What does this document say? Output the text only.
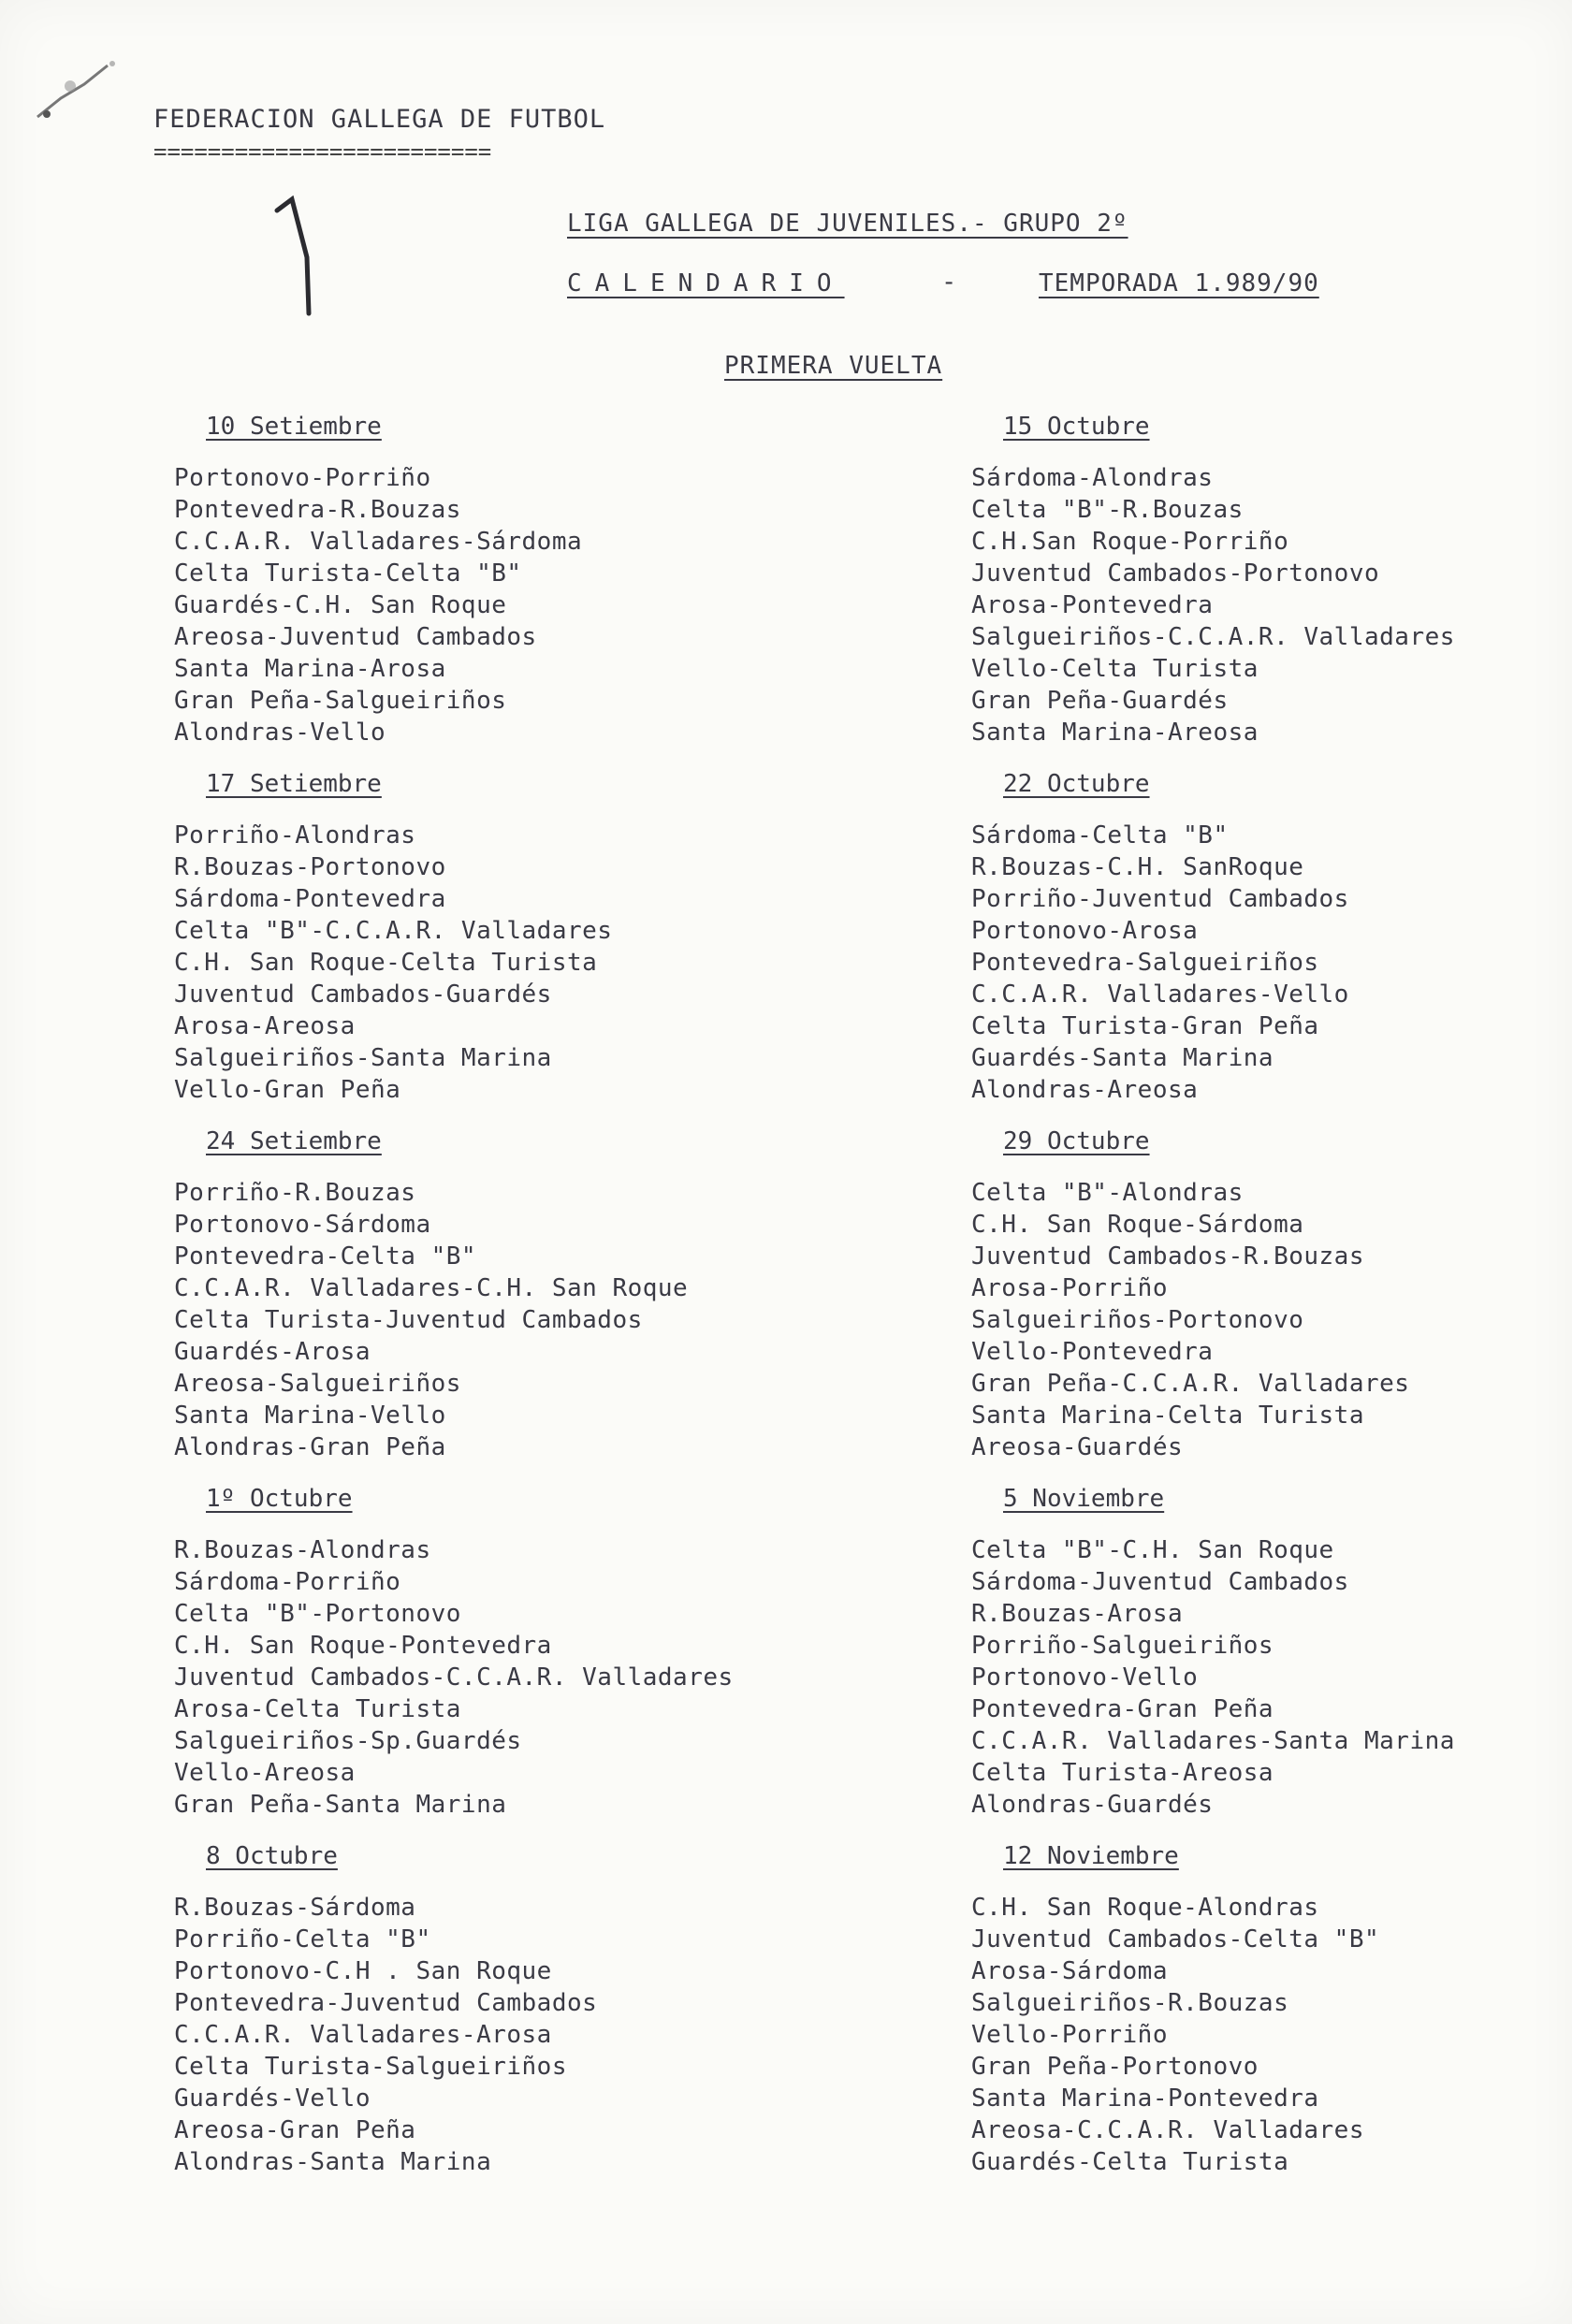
FEDERACION GALLEGA DE FUTBOL
=========================
LIGA GALLEGA DE JUVENILES.- GRUPO 2º
CALENDARIO	-	TEMPORADA 1.989/90
PRIMERA VUELTA
10 Setiembre
Portonovo-Porriño
Pontevedra-R.Bouzas
C.C.A.R. Valladares-Sárdoma
Celta Turista-Celta "B"
Guardés-C.H. San Roque
Areosa-Juventud Cambados
Santa Marina-Arosa
Gran Peña-Salgueiriños
Alondras-Vello
17 Setiembre
Porriño-Alondras
R.Bouzas-Portonovo
Sárdoma-Pontevedra
Celta "B"-C.C.A.R. Valladares
C.H. San Roque-Celta Turista
Juventud Cambados-Guardés
Arosa-Areosa
Salgueiriños-Santa Marina
Vello-Gran Peña
24 Setiembre
Porriño-R.Bouzas
Portonovo-Sárdoma
Pontevedra-Celta "B"
C.C.A.R. Valladares-C.H. San Roque
Celta Turista-Juventud Cambados
Guardés-Arosa
Areosa-Salgueiriños
Santa Marina-Vello
Alondras-Gran Peña
1º Octubre
R.Bouzas-Alondras
Sárdoma-Porriño
Celta "B"-Portonovo
C.H. San Roque-Pontevedra
Juventud Cambados-C.C.A.R. Valladares
Arosa-Celta Turista
Salgueiriños-Sp.Guardés
Vello-Areosa
Gran Peña-Santa Marina
8 Octubre
R.Bouzas-Sárdoma
Porriño-Celta "B"
Portonovo-C.H . San Roque
Pontevedra-Juventud Cambados
C.C.A.R. Valladares-Arosa
Celta Turista-Salgueiriños
Guardés-Vello
Areosa-Gran Peña
Alondras-Santa Marina
15 Octubre
Sárdoma-Alondras
Celta "B"-R.Bouzas
C.H.San Roque-Porriño
Juventud Cambados-Portonovo
Arosa-Pontevedra
Salgueiriños-C.C.A.R. Valladares
Vello-Celta Turista
Gran Peña-Guardés
Santa Marina-Areosa
22 Octubre
Sárdoma-Celta "B"
R.Bouzas-C.H. SanRoque
Porriño-Juventud Cambados
Portonovo-Arosa
Pontevedra-Salgueiriños
C.C.A.R. Valladares-Vello
Celta Turista-Gran Peña
Guardés-Santa Marina
Alondras-Areosa
29 Octubre
Celta "B"-Alondras
C.H. San Roque-Sárdoma
Juventud Cambados-R.Bouzas
Arosa-Porriño
Salgueiriños-Portonovo
Vello-Pontevedra
Gran Peña-C.C.A.R. Valladares
Santa Marina-Celta Turista
Areosa-Guardés
5 Noviembre
Celta "B"-C.H. San Roque
Sárdoma-Juventud Cambados
R.Bouzas-Arosa
Porriño-Salgueiriños
Portonovo-Vello
Pontevedra-Gran Peña
C.C.A.R. Valladares-Santa Marina
Celta Turista-Areosa
Alondras-Guardés
12 Noviembre
C.H. San Roque-Alondras
Juventud Cambados-Celta "B"
Arosa-Sárdoma
Salgueiriños-R.Bouzas
Vello-Porriño
Gran Peña-Portonovo
Santa Marina-Pontevedra
Areosa-C.C.A.R. Valladares
Guardés-Celta Turista
